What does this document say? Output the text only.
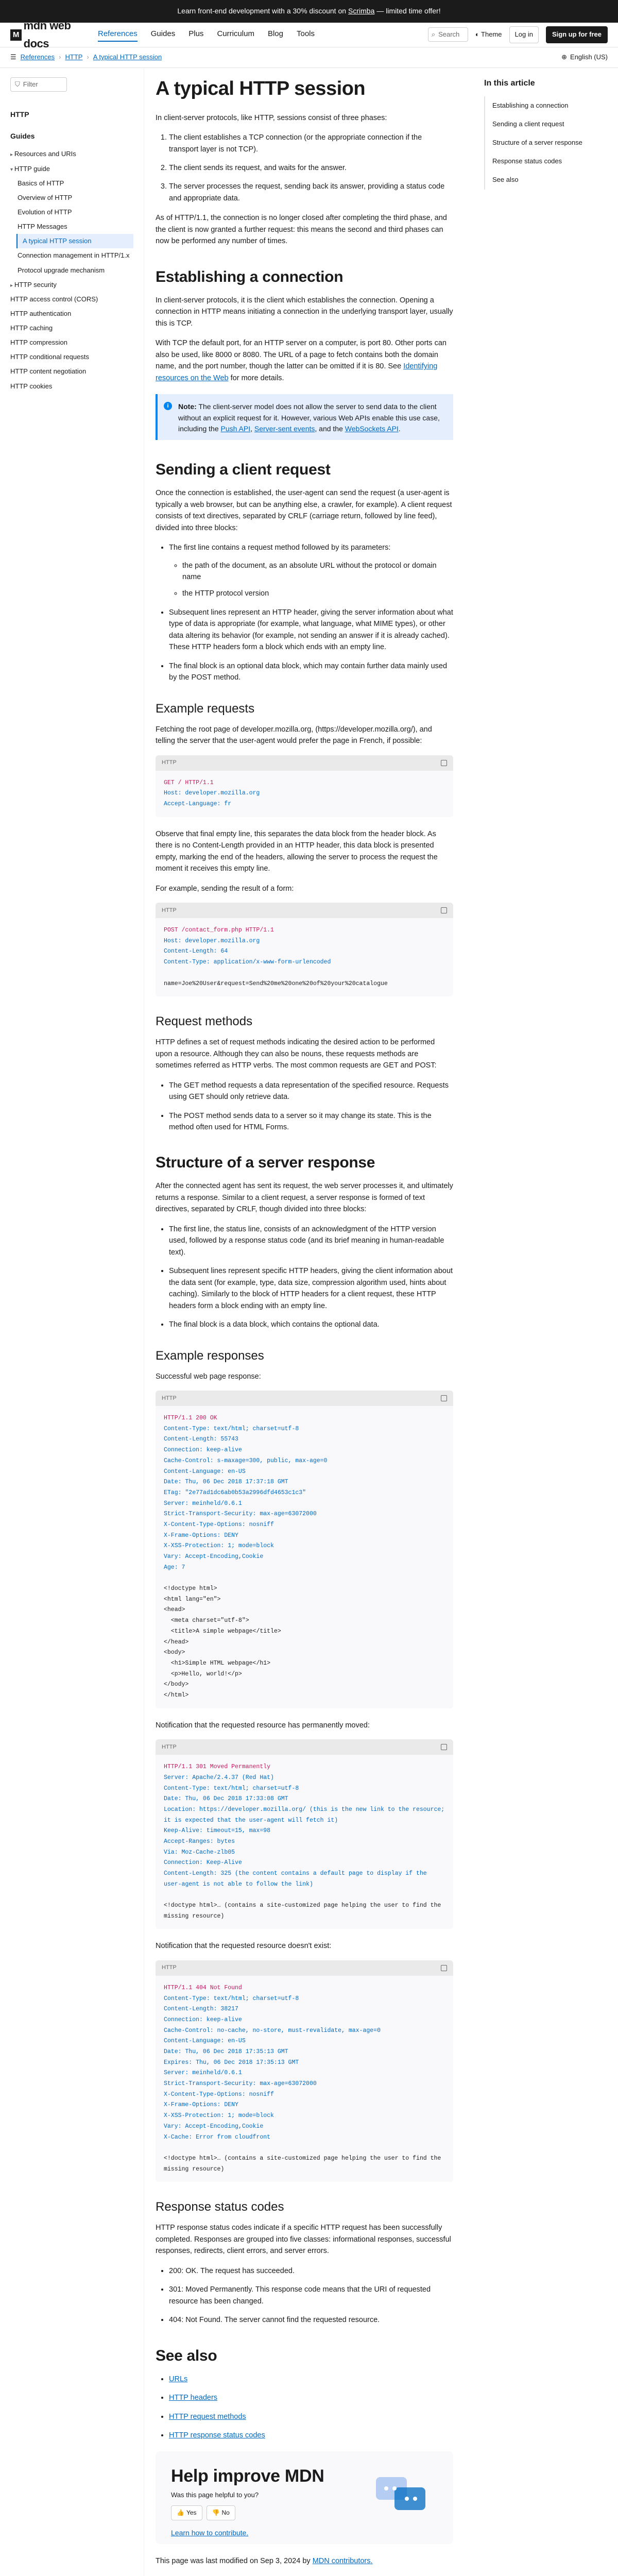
Learn front-end development with a 30% discount on Scrimba — limited time offer!
M
mdn web docs
References Guides Plus Curriculum Blog Tools	⌕ Search ◐ Theme	Log in	Sign up for free
☰ References › HTTP › A typical HTTP session	⊕ English (US)
⛉ Filter
HTTP
Guides
▸ Resources and URIs
▾ HTTP guide
Basics of HTTP
Overview of HTTP
Evolution of HTTP
HTTP Messages
A typical HTTP session
Connection management in HTTP/1.x
Protocol upgrade mechanism
▸ HTTP security
HTTP access control (CORS)
HTTP authentication
HTTP caching
HTTP compression
HTTP conditional requests
HTTP content negotiation
HTTP cookies
A typical HTTP session

In client-server protocols, like HTTP, sessions consist of three phases:

1. The client establishes a TCP connection (or the appropriate connection if the transport layer is not TCP).
2. The client sends its request, and waits for the answer.
3. The server processes the request, sending back its answer, providing a status code and appropriate data.

As of HTTP/1.1, the connection is no longer closed after completing the third phase, and the client is now granted a further request: this means the second and third phases can now be performed any number of times.

Establishing a connection

In client-server protocols, it is the client which establishes the connection. Opening a connection in HTTP means initiating a connection in the underlying transport layer, usually this is TCP.

With TCP the default port, for an HTTP server on a computer, is port 80. Other ports can also be used, like 8000 or 8080. The URL of a page to fetch contains both the domain name, and the port number, though the latter can be omitted if it is 80. See Identifying resources on the Web for more details.

i	Note: The client-server model does not allow the server to send data to the client without an explicit request for it. However, various Web APIs enable this use case, including the Push API, Server-sent events, and the WebSockets API.
Sending a client request

Once the connection is established, the user-agent can send the request (a user-agent is typically a web browser, but can be anything else, a crawler, for example). A client request consists of text directives, separated by CRLF (carriage return, followed by line feed), divided into three blocks:

• The first line contains a request method followed by its parameters:
◦ the path of the document, as an absolute URL without the protocol or domain name
◦ the HTTP protocol version
• Subsequent lines represent an HTTP header, giving the server information about what type of data is appropriate (for example, what language, what MIME types), or other data altering its behavior (for example, not sending an answer if it is already cached). These HTTP headers form a block which ends with an empty line.
• The final block is an optional data block, which may contain further data mainly used by the POST method.
Example requests

Fetching the root page of developer.mozilla.org, (https://developer.mozilla.org/), and telling the server that the user-agent would prefer the page in French, if possible:

HTTP
GET / HTTP/1.1
Host: developer.mozilla.org
Accept-Language: fr

Observe that final empty line, this separates the data block from the header block. As there is no Content-Length provided in an HTTP header, this data block is presented empty, marking the end of the headers, allowing the server to process the request the moment it receives this empty line.

For example, sending the result of a form:

HTTP
POST /contact_form.php HTTP/1.1
Host: developer.mozilla.org
Content-Length: 64
Content-Type: application/x-www-form-urlencoded

name=Joe%20User&request=Send%20me%20one%20of%20your%20catalogue
Request methods

HTTP defines a set of request methods indicating the desired action to be performed upon a resource. Although they can also be nouns, these requests methods are sometimes referred as HTTP verbs. The most common requests are GET and POST:

• The GET method requests a data representation of the specified resource. Requests using GET should only retrieve data.
• The POST method sends data to a server so it may change its state. This is the method often used for HTML Forms.
Structure of a server response

After the connected agent has sent its request, the web server processes it, and ultimately returns a response. Similar to a client request, a server response is formed of text directives, separated by CRLF, though divided into three blocks:

• The first line, the status line, consists of an acknowledgment of the HTTP version used, followed by a response status code (and its brief meaning in human-readable text).
• Subsequent lines represent specific HTTP headers, giving the client information about the data sent (for example, type, data size, compression algorithm used, hints about caching). Similarly to the block of HTTP headers for a client request, these HTTP headers form a block ending with an empty line.
• The final block is a data block, which contains the optional data.
Example responses

Successful web page response:

HTTP
HTTP/1.1 200 OK
Content-Type: text/html; charset=utf-8
Content-Length: 55743
Connection: keep-alive
Cache-Control: s-maxage=300, public, max-age=0
Content-Language: en-US
Date: Thu, 06 Dec 2018 17:37:18 GMT
ETag: "2e77ad1dc6ab0b53a2996dfd4653c1c3"
Server: meinheld/0.6.1
Strict-Transport-Security: max-age=63072000
X-Content-Type-Options: nosniff
X-Frame-Options: DENY
X-XSS-Protection: 1; mode=block
Vary: Accept-Encoding,Cookie
Age: 7

<!doctype html>
<html lang="en">
<head>
<meta charset="utf-8">
<title>A simple webpage</title>
</head>
<body>
<h1>Simple HTML webpage</h1>
<p>Hello, world!</p>
</body>
</html>

Notification that the requested resource has permanently moved:

HTTP
HTTP/1.1 301 Moved Permanently
Server: Apache/2.4.37 (Red Hat)
Content-Type: text/html; charset=utf-8
Date: Thu, 06 Dec 2018 17:33:08 GMT
Location: https://developer.mozilla.org/ (this is the new link to the resource; it is expected that the user-agent will fetch it)
Keep-Alive: timeout=15, max=98
Accept-Ranges: bytes
Via: Moz-Cache-zlb05
Connection: Keep-Alive
Content-Length: 325 (the content contains a default page to display if the user-agent is not able to follow the link)

<!doctype html>… (contains a site-customized page helping the user to find the missing resource)

Notification that the requested resource doesn't exist:

HTTP
HTTP/1.1 404 Not Found
Content-Type: text/html; charset=utf-8
Content-Length: 38217
Connection: keep-alive
Cache-Control: no-cache, no-store, must-revalidate, max-age=0
Content-Language: en-US
Date: Thu, 06 Dec 2018 17:35:13 GMT
Expires: Thu, 06 Dec 2018 17:35:13 GMT
Server: meinheld/0.6.1
Strict-Transport-Security: max-age=63072000
X-Content-Type-Options: nosniff
X-Frame-Options: DENY
X-XSS-Protection: 1; mode=block
Vary: Accept-Encoding,Cookie
X-Cache: Error from cloudfront

<!doctype html>… (contains a site-customized page helping the user to find the missing resource)
Response status codes

HTTP response status codes indicate if a specific HTTP request has been successfully completed. Responses are grouped into five classes: informational responses, successful responses, redirects, client errors, and server errors.

• 200: OK. The request has succeeded.
• 301: Moved Permanently. This response code means that the URI of requested resource has been changed.
• 404: Not Found. The server cannot find the requested resource.
See also
• URLs
• HTTP headers
• HTTP request methods
• HTTP response status codes
Help improve MDN
Was this page helpful to you?
👍 Yes	👎 No
Learn how to contribute.

This page was last modified on Sep 3, 2024 by MDN contributors.

In this article
Establishing a connection
Sending a client request
Structure of a server response
Response status codes
See also
